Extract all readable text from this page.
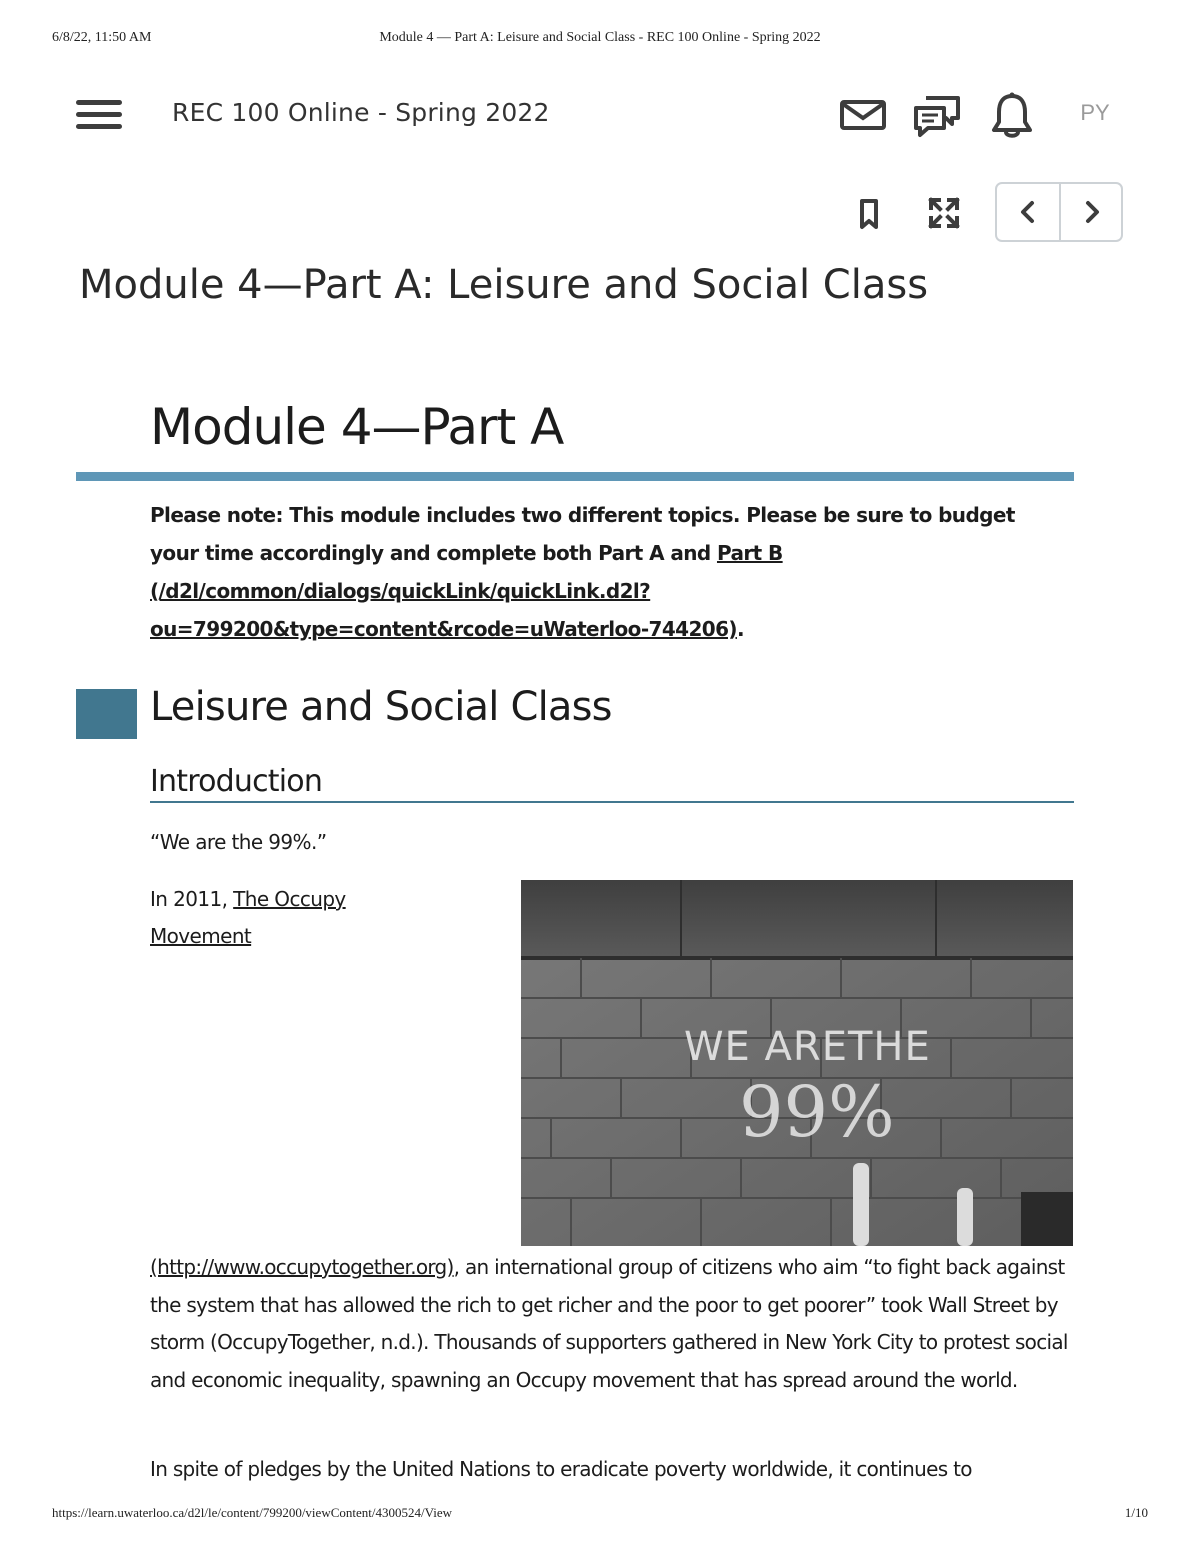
6/8/22, 11:50 AM	Module 4 — Part A: Leisure and Social Class - REC 100 Online - Spring 2022
REC 100 Online - Spring 2022	PY
Module 4—Part A: Leisure and Social Class
Module 4—Part A

Please note: This module includes two different topics. Please be sure to budget your time accordingly and complete both Part A and Part B (/d2l/common/dialogs/quickLink/quickLink.d2l?ou=799200&type=content&rcode=uWaterloo-744206).

Leisure and Social Class
Introduction

“We are the 99%.”

In 2011, The Occupy Movement

WE ARETHE
99%

(http://www.occupytogether.org), an international group of citizens who aim “to fight back against the system that has allowed the rich to get richer and the poor to get poorer” took Wall Street by storm (OccupyTogether, n.d.). Thousands of supporters gathered in New York City to protest social and economic inequality, spawning an Occupy movement that has spread around the world.

In spite of pledges by the United Nations to eradicate poverty worldwide, it continues to

https://learn.uwaterloo.ca/d2l/le/content/799200/viewContent/4300524/View	1/10
